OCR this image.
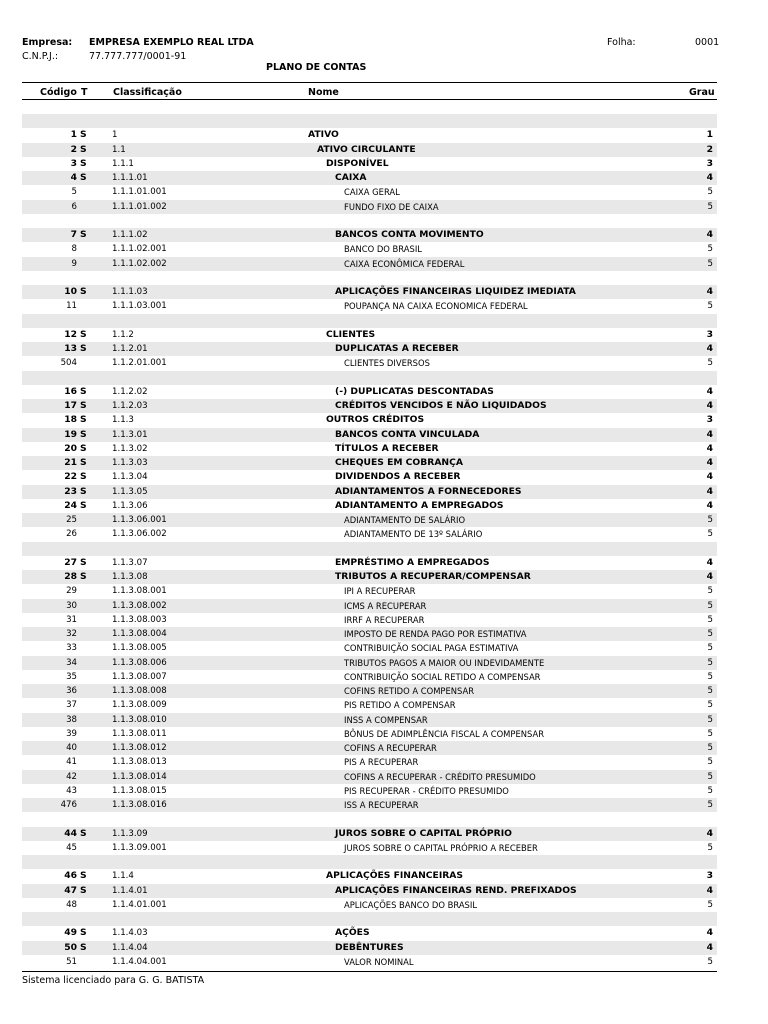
Empresa: EMPRESA EXEMPLO REAL LTDA
C.N.P.J.:	77.777.777/0001-91
Folha:	0001
PLANO DE CONTAS
Código T	Classificação	Nome	Grau
1 S	1	ATIVO	1
2 S	1.1	ATIVO CIRCULANTE	2
3 S	1.1.1	DISPONÍVEL	3
4 S	1.1.1.01	CAIXA	4
5	1.1.1.01.001	CAIXA GERAL	5
6	1.1.1.01.002	FUNDO FIXO DE CAIXA	5
7 S	1.1.1.02	BANCOS CONTA MOVIMENTO	4
8	1.1.1.02.001	BANCO DO BRASIL	5
9	1.1.1.02.002	CAIXA ECONÔMICA FEDERAL	5
10 S	1.1.1.03	APLICAÇÕES FINANCEIRAS LIQUIDEZ IMEDIATA	4
11	1.1.1.03.001	POUPANÇA NA CAIXA ECONOMICA FEDERAL	5
12 S	1.1.2	CLIENTES	3
13 S	1.1.2.01	DUPLICATAS A RECEBER	4
504	1.1.2.01.001	CLIENTES DIVERSOS	5
16 S	1.1.2.02	(-) DUPLICATAS DESCONTADAS	4
17 S	1.1.2.03	CRÉDITOS VENCIDOS E NÃO LIQUIDADOS	4
18 S	1.1.3	OUTROS CRÉDITOS	3
19 S	1.1.3.01	BANCOS CONTA VINCULADA	4
20 S	1.1.3.02	TÍTULOS A RECEBER	4
21 S	1.1.3.03	CHEQUES EM COBRANÇA	4
22 S	1.1.3.04	DIVIDENDOS A RECEBER	4
23 S	1.1.3.05	ADIANTAMENTOS A FORNECEDORES	4
24 S	1.1.3.06	ADIANTAMENTO A EMPREGADOS	4
25	1.1.3.06.001	ADIANTAMENTO DE SALÁRIO	5
26	1.1.3.06.002	ADIANTAMENTO DE 13º SALÁRIO	5
27 S	1.1.3.07	EMPRÉSTIMO A EMPREGADOS	4
28 S	1.1.3.08	TRIBUTOS A RECUPERAR/COMPENSAR	4
29	1.1.3.08.001	IPI A RECUPERAR	5
30	1.1.3.08.002	ICMS A RECUPERAR	5
31	1.1.3.08.003	IRRF A RECUPERAR	5
32	1.1.3.08.004	IMPOSTO DE RENDA PAGO POR ESTIMATIVA	5
33	1.1.3.08.005	CONTRIBUIÇÃO SOCIAL PAGA ESTIMATIVA	5
34	1.1.3.08.006	TRIBUTOS PAGOS A MAIOR OU INDEVIDAMENTE	5
35	1.1.3.08.007	CONTRIBUIÇÃO SOCIAL RETIDO A COMPENSAR	5
36	1.1.3.08.008	COFINS RETIDO A COMPENSAR	5
37	1.1.3.08.009	PIS RETIDO A COMPENSAR	5
38	1.1.3.08.010	INSS A COMPENSAR	5
39	1.1.3.08.011	BÔNUS DE ADIMPLÊNCIA FISCAL A COMPENSAR	5
40	1.1.3.08.012	COFINS A RECUPERAR	5
41	1.1.3.08.013	PIS A RECUPERAR	5
42	1.1.3.08.014	COFINS A RECUPERAR - CRÉDITO PRESUMIDO	5
43	1.1.3.08.015	PIS RECUPERAR - CRÉDITO PRESUMIDO	5
476	1.1.3.08.016	ISS A RECUPERAR	5
44 S	1.1.3.09	JUROS SOBRE O CAPITAL PRÓPRIO	4
45	1.1.3.09.001	JUROS SOBRE O CAPITAL PRÓPRIO A RECEBER	5
46 S	1.1.4	APLICAÇÕES FINANCEIRAS	3
47 S	1.1.4.01	APLICAÇÕES FINANCEIRAS REND. PREFIXADOS	4
48	1.1.4.01.001	APLICAÇÕES BANCO DO BRASIL	5
49 S	1.1.4.03	AÇÕES	4
50 S	1.1.4.04	DEBÊNTURES	4
51	1.1.4.04.001	VALOR NOMINAL	5
Sistema licenciado para G. G. BATISTA
